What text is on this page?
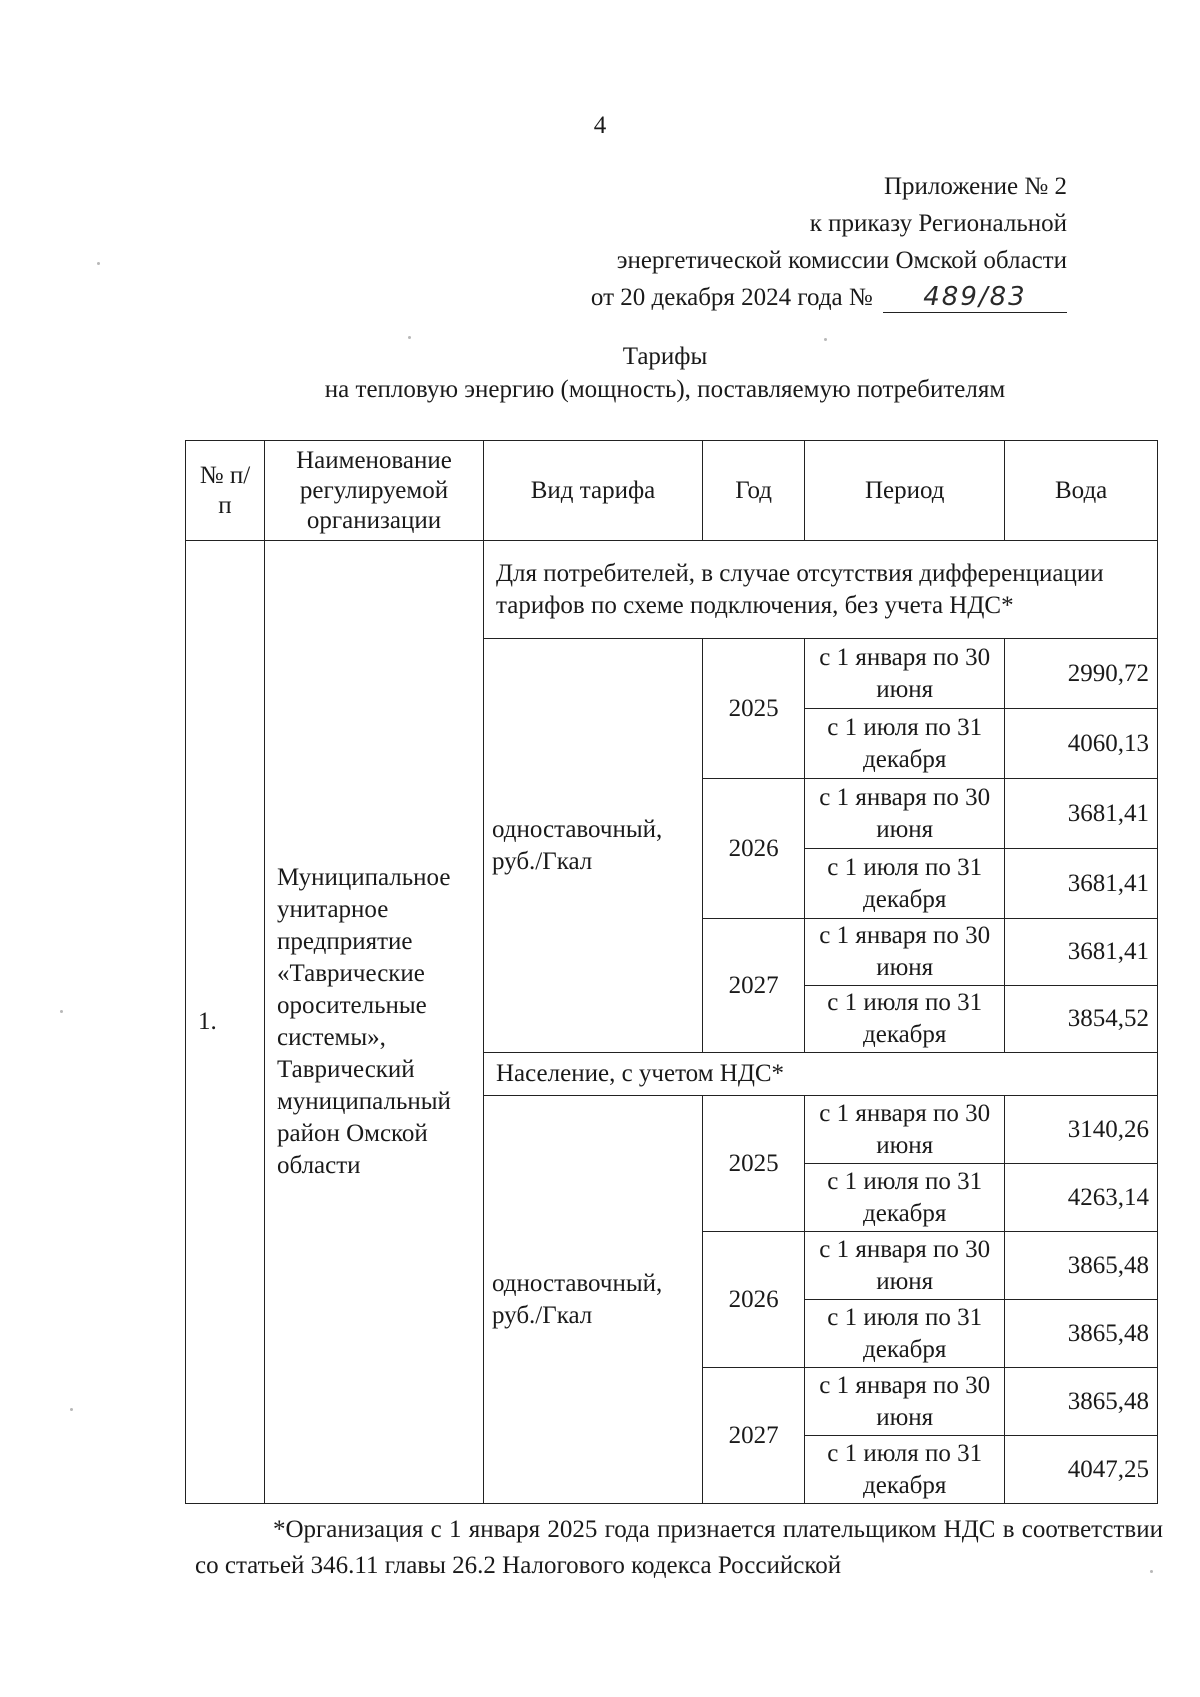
4
Приложение № 2
к приказу Региональной
энергетической комиссии Омской области
от 20 декабря 2024 года № 489/83
Тарифы
на тепловую энергию (мощность), поставляемую потребителям
№ п/п	Наименование регулируемой организации	Вид тарифа	Год	Период	Вода
1.	Муниципальное унитарное предприятие «Таврические оросительные системы», Таврический муниципальный район Омской области	Для потребителей, в случае отсутствия дифференциации тарифов по схеме подключения, без учета НДС*			
		одноставочный, руб./Гкал	2025	с 1 января по 30 июня	2990,72
				с 1 июля по 31 декабря	4060,13
			2026	с 1 января по 30 июня	3681,41
				с 1 июля по 31 декабря	3681,41
			2027	с 1 января по 30 июня	3681,41
				с 1 июля по 31 декабря	3854,52
		Население, с учетом НДС*			
		одноставочный, руб./Гкал	2025	с 1 января по 30 июня	3140,26
				с 1 июля по 31 декабря	4263,14
			2026	с 1 января по 30 июня	3865,48
				с 1 июля по 31 декабря	3865,48
			2027	с 1 января по 30 июня	3865,48
				с 1 июля по 31 декабря	4047,25
*Организация с 1 января 2025 года признается плательщиком НДС в соответствии со статьей 346.11 главы 26.2 Налогового кодекса Российской
